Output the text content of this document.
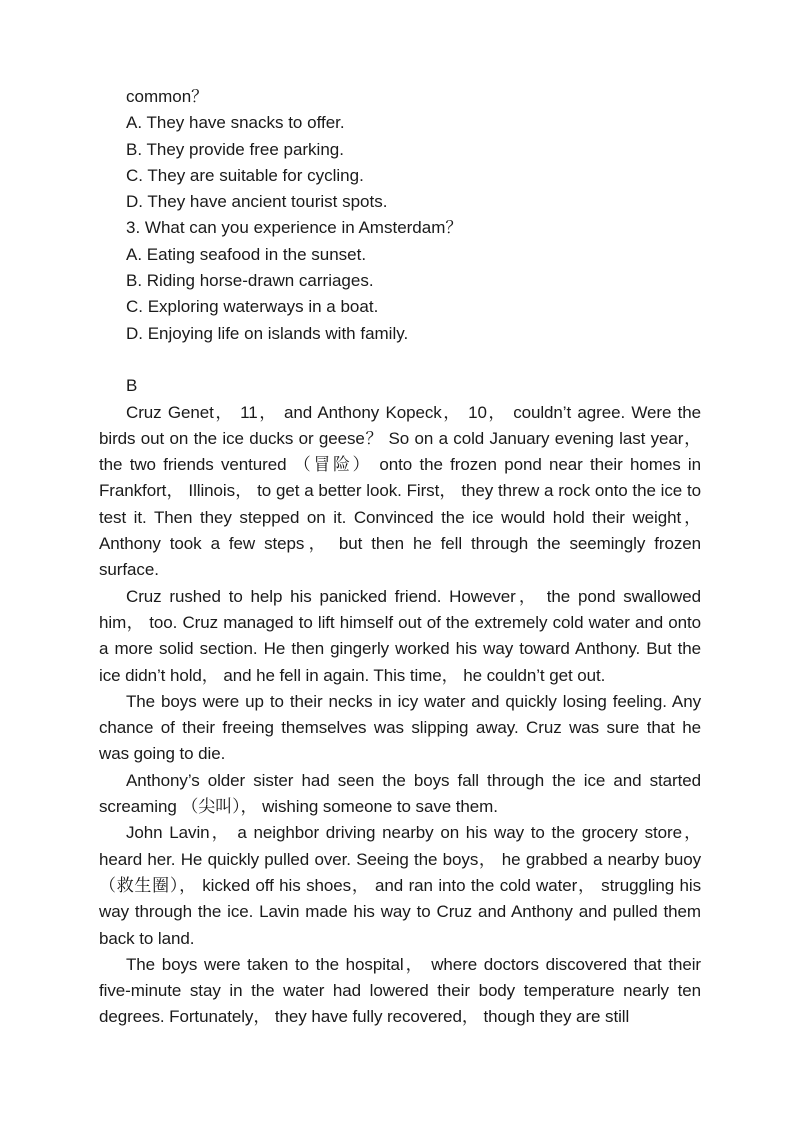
common？

A. They have snacks to offer.

B. They provide free parking.

C. They are suitable for cycling.

D. They have ancient tourist spots.

3. What can you experience in Amsterdam？

A. Eating seafood in the sunset.

B. Riding horse-drawn carriages.

C. Exploring waterways in a boat.

D. Enjoying life on islands with family.

B

Cruz Genet， 11， and Anthony Kopeck， 10， couldn’t agree. Were the birds out on the ice ducks or geese？ So on a cold January evening last year， the two friends ventured （冒险） onto the frozen pond near their homes in Frankfort， Illinois， to get a better look. First， they threw a rock onto the ice to test it. Then they stepped on it. Convinced the ice would hold their weight， Anthony took a few steps， but then he fell through the seemingly frozen surface.

Cruz rushed to help his panicked friend. However， the pond swallowed him， too. Cruz managed to lift himself out of the extremely cold water and onto a more solid section. He then gingerly worked his way toward Anthony. But the ice didn’t hold， and he fell in again. This time， he couldn’t get out.

The boys were up to their necks in icy water and quickly losing feeling. Any chance of their freeing themselves was slipping away. Cruz was sure that he was going to die.

Anthony’s older sister had seen the boys fall through the ice and started screaming （尖叫）， wishing someone to save them.

John Lavin， a neighbor driving nearby on his way to the grocery store， heard her. He quickly pulled over. Seeing the boys， he grabbed a nearby buoy （救生圈）， kicked off his shoes， and ran into the cold water， struggling his way through the ice. Lavin made his way to Cruz and Anthony and pulled them back to land.

The boys were taken to the hospital， where doctors discovered that their five-minute stay in the water had lowered their body temperature nearly ten degrees. Fortunately， they have fully recovered， though they are still
